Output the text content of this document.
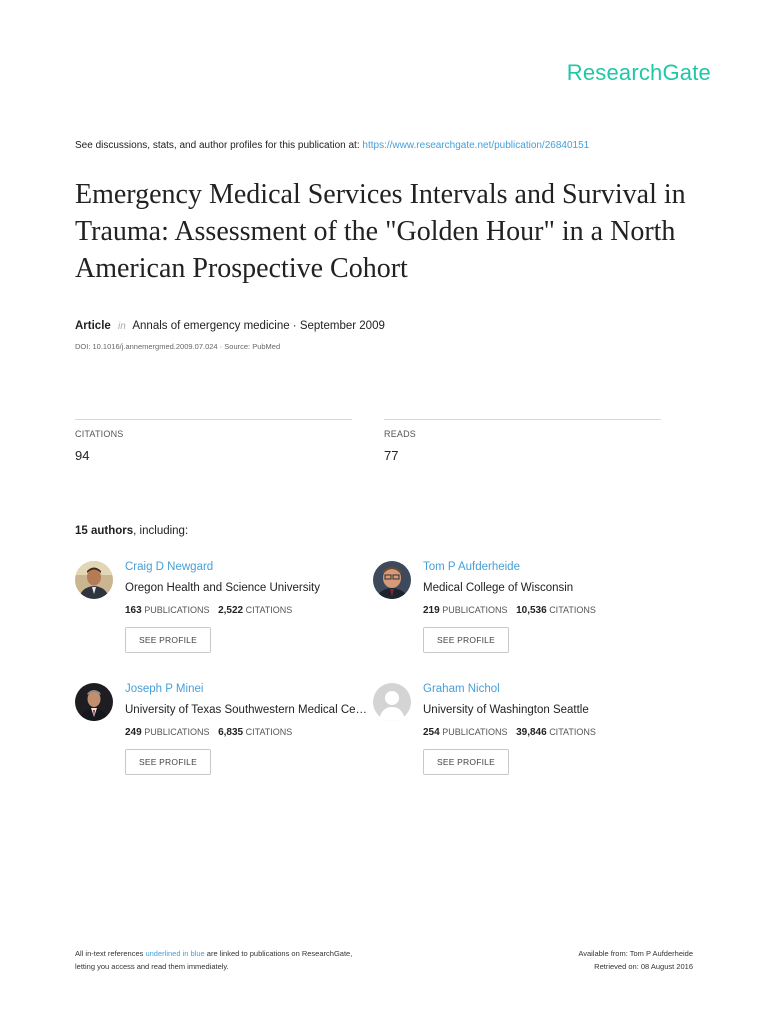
ResearchGate
See discussions, stats, and author profiles for this publication at: https://www.researchgate.net/publication/26840151
Emergency Medical Services Intervals and Survival in Trauma: Assessment of the "Golden Hour" in a North American Prospective Cohort
Article in Annals of emergency medicine · September 2009
DOI: 10.1016/j.annemergmed.2009.07.024 · Source: PubMed
CITATIONS
94
READS
77
15 authors, including:
Craig D Newgard
Oregon Health and Science University
163 PUBLICATIONS 2,522 CITATIONS
SEE PROFILE
Tom P Aufderheide
Medical College of Wisconsin
219 PUBLICATIONS 10,536 CITATIONS
SEE PROFILE
Joseph P Minei
University of Texas Southwestern Medical Ce…
249 PUBLICATIONS 6,835 CITATIONS
SEE PROFILE
Graham Nichol
University of Washington Seattle
254 PUBLICATIONS 39,846 CITATIONS
SEE PROFILE
All in-text references underlined in blue are linked to publications on ResearchGate,
letting you access and read them immediately.
Available from: Tom P Aufderheide
Retrieved on: 08 August 2016
